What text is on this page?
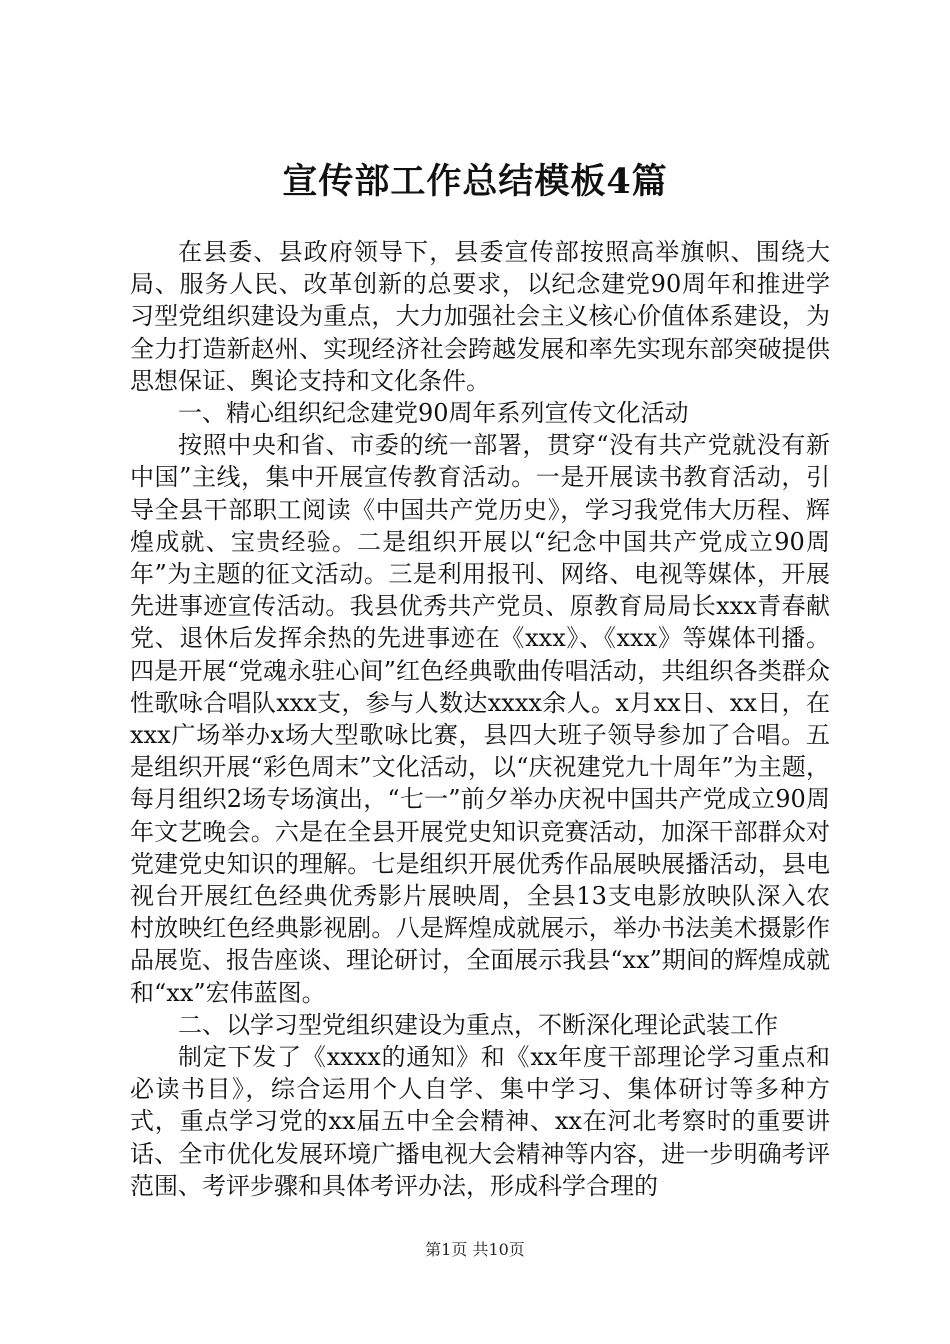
宣传部工作总结模板4篇

在县委、县政府领导下，县委宣传部按照高举旗帜、围绕大局、服务人民、改革创新的总要求，以纪念建党90周年和推进学习型党组织建设为重点，大力加强社会主义核心价值体系建设，为全力打造新赵州、实现经济社会跨越发展和率先实现东部突破提供思想保证、舆论支持和文化条件。

一、精心组织纪念建党90周年系列宣传文化活动

按照中央和省、市委的统一部署，贯穿“没有共产党就没有新中国”主线，集中开展宣传教育活动。一是开展读书教育活动，引导全县干部职工阅读《中国共产党历史》，学习我党伟大历程、辉煌成就、宝贵经验。二是组织开展以“纪念中国共产党成立90周年”为主题的征文活动。三是利用报刊、网络、电视等媒体，开展先进事迹宣传活动。我县优秀共产党员、原教育局局长xxx青春献党、退休后发挥余热的先进事迹在《xxx》、《xxx》等媒体刊播。四是开展“党魂永驻心间”红色经典歌曲传唱活动，共组织各类群众性歌咏合唱队xxx支，参与人数达xxxx余人。x月xx日、xx日，在xxx广场举办x场大型歌咏比赛，县四大班子领导参加了合唱。五是组织开展“彩色周末”文化活动，以“庆祝建党九十周年”为主题，每月组织2场专场演出，“七一”前夕举办庆祝中国共产党成立90周年文艺晚会。六是在全县开展党史知识竞赛活动，加深干部群众对党建党史知识的理解。七是组织开展优秀作品展映展播活动，县电视台开展红色经典优秀影片展映周，全县13支电影放映队深入农村放映红色经典影视剧。八是辉煌成就展示，举办书法美术摄影作品展览、报告座谈、理论研讨，全面展示我县“xx”期间的辉煌成就和“xx”宏伟蓝图。

二、以学习型党组织建设为重点，不断深化理论武装工作

制定下发了《xxxx的通知》和《xx年度干部理论学习重点和必读书目》，综合运用个人自学、集中学习、集体研讨等多种方式，重点学习党的xx届五中全会精神、xx在河北考察时的重要讲话、全市优化发展环境广播电视大会精神等内容，进一步明确考评范围、考评步骤和具体考评办法，形成科学合理的

第1页 共10页
